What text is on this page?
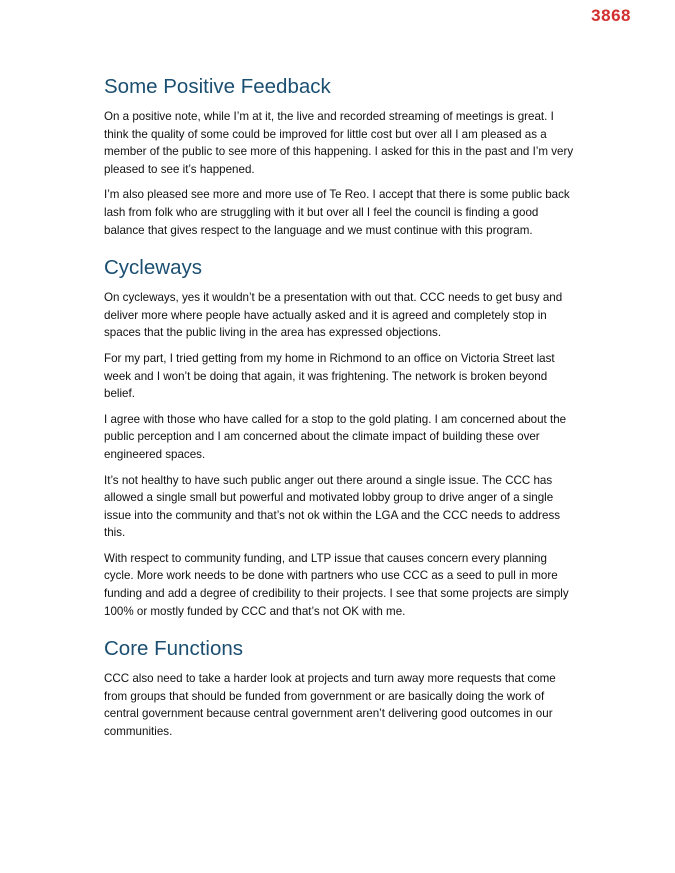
3868
Some Positive Feedback

On a positive note, while I’m at it, the live and recorded streaming of meetings is great. I think the quality of some could be improved for little cost but over all I am pleased as a member of the public to see more of this happening. I asked for this in the past and I’m very pleased to see it’s happened.

I’m also pleased see more and more use of Te Reo. I accept that there is some public back lash from folk who are struggling with it but over all I feel the council is finding a good balance that gives respect to the language and we must continue with this program.

Cycleways

On cycleways, yes it wouldn’t be a presentation with out that. CCC needs to get busy and deliver more where people have actually asked and it is agreed and completely stop in spaces that the public living in the area has expressed objections.

For my part, I tried getting from my home in Richmond to an office on Victoria Street last week and I won’t be doing that again, it was frightening. The network is broken beyond belief.

I agree with those who have called for a stop to the gold plating. I am concerned about the public perception and I am concerned about the climate impact of building these over engineered spaces.

It’s not healthy to have such public anger out there around a single issue. The CCC has allowed a single small but powerful and motivated lobby group to drive anger of a single issue into the community and that’s not ok within the LGA and the CCC needs to address this.

With respect to community funding, and LTP issue that causes concern every planning cycle. More work needs to be done with partners who use CCC as a seed to pull in more funding and add a degree of credibility to their projects. I see that some projects are simply 100% or mostly funded by CCC and that’s not OK with me.

Core Functions

CCC also need to take a harder look at projects and turn away more requests that come from groups that should be funded from government or are basically doing the work of central government because central government aren’t delivering good outcomes in our communities.
